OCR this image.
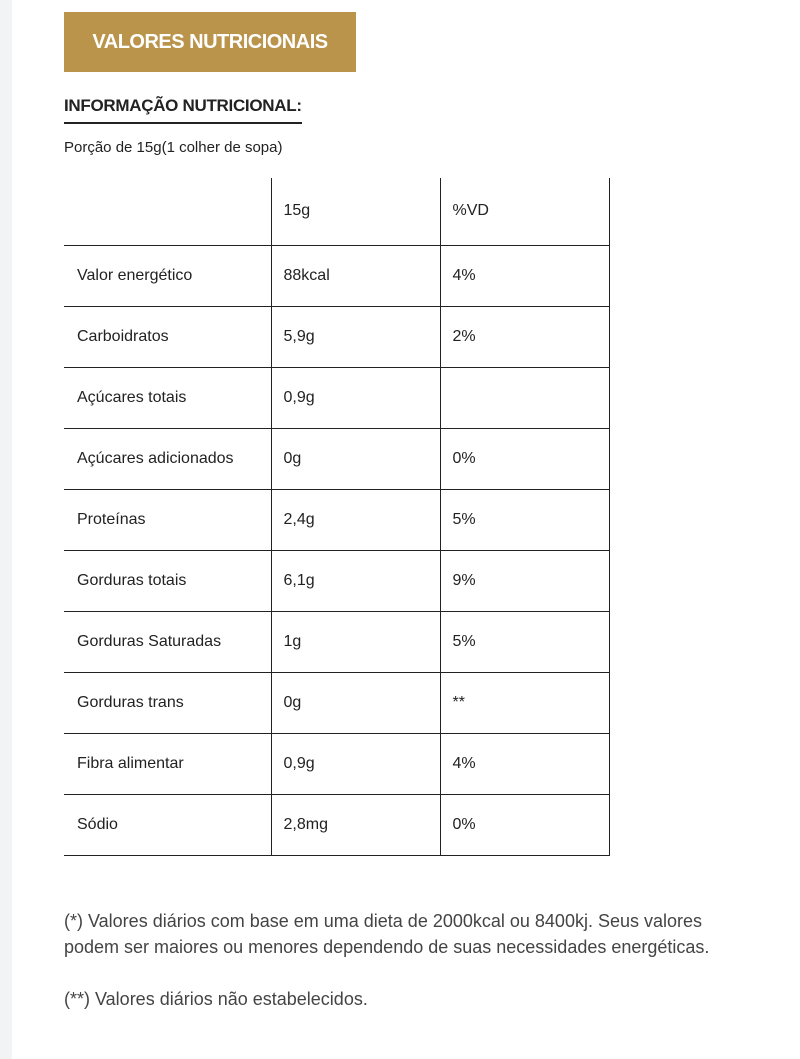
VALORES NUTRICIONAIS
INFORMAÇÃO NUTRICIONAL:
Porção de 15g(1 colher de sopa)
	15g	%VD
Valor energético	88kcal	4%
Carboidratos	5,9g	2%
Açúcares totais	0,9g	
Açúcares adicionados	0g	0%
Proteínas	2,4g	5%
Gorduras totais	6,1g	9%
Gorduras Saturadas	1g	5%
Gorduras trans	0g	**
Fibra alimentar	0,9g	4%
Sódio	2,8mg	0%

(*) Valores diários com base em uma dieta de 2000kcal ou 8400kj. Seus valores podem ser maiores ou menores dependendo de suas necessidades energéticas.

(**) Valores diários não estabelecidos.
